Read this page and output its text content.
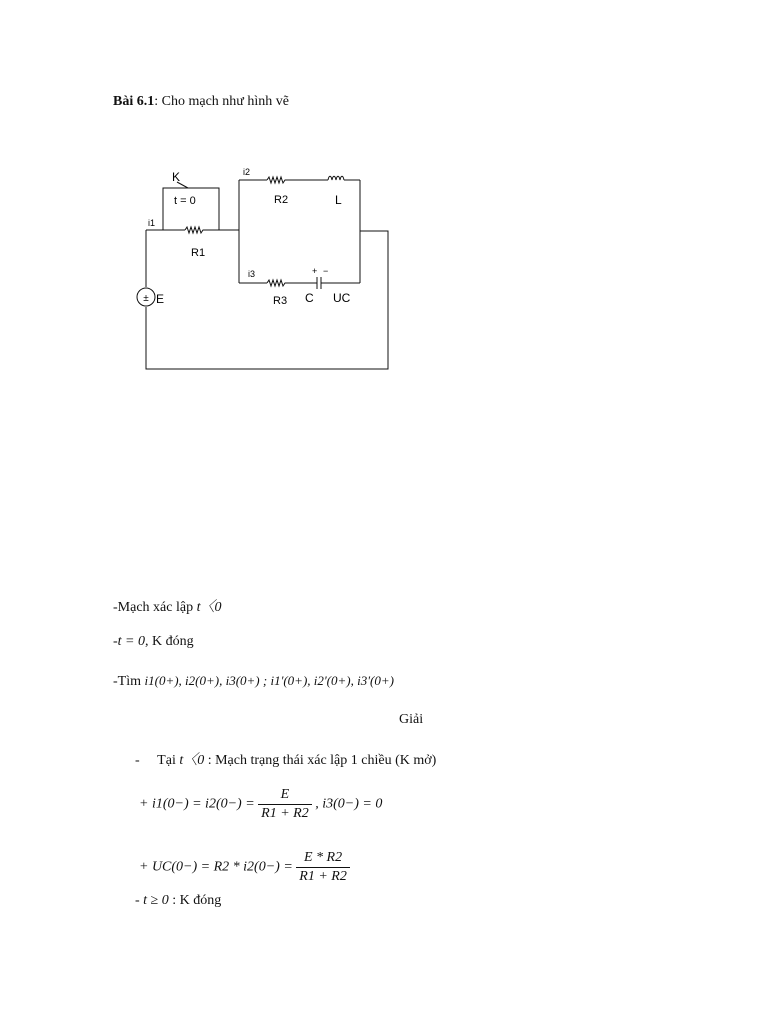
Bài 6.1: Cho mạch như hình vẽ
±
K
t = 0
i1
R1
i2
R2	L
i3
R3
+ −
C UC
E
-Mạch xác lập t〈0
-t = 0, K đóng
-Tìm i1(0+), i2(0+), i3(0+) ; i1'(0+), i2'(0+), i3'(0+)
Giải
- Tại t〈0 : Mạch trạng thái xác lập 1 chiều (K mở)
+ $i1(0-) = i2(0-) = \frac{E}{R1 + R2}$ , i3(0−) = 0
+ $UC(0-) = R2 * i2(0-) = \frac{E * R2}{R1 + R2}$
- t ≥ 0 : K đóng
